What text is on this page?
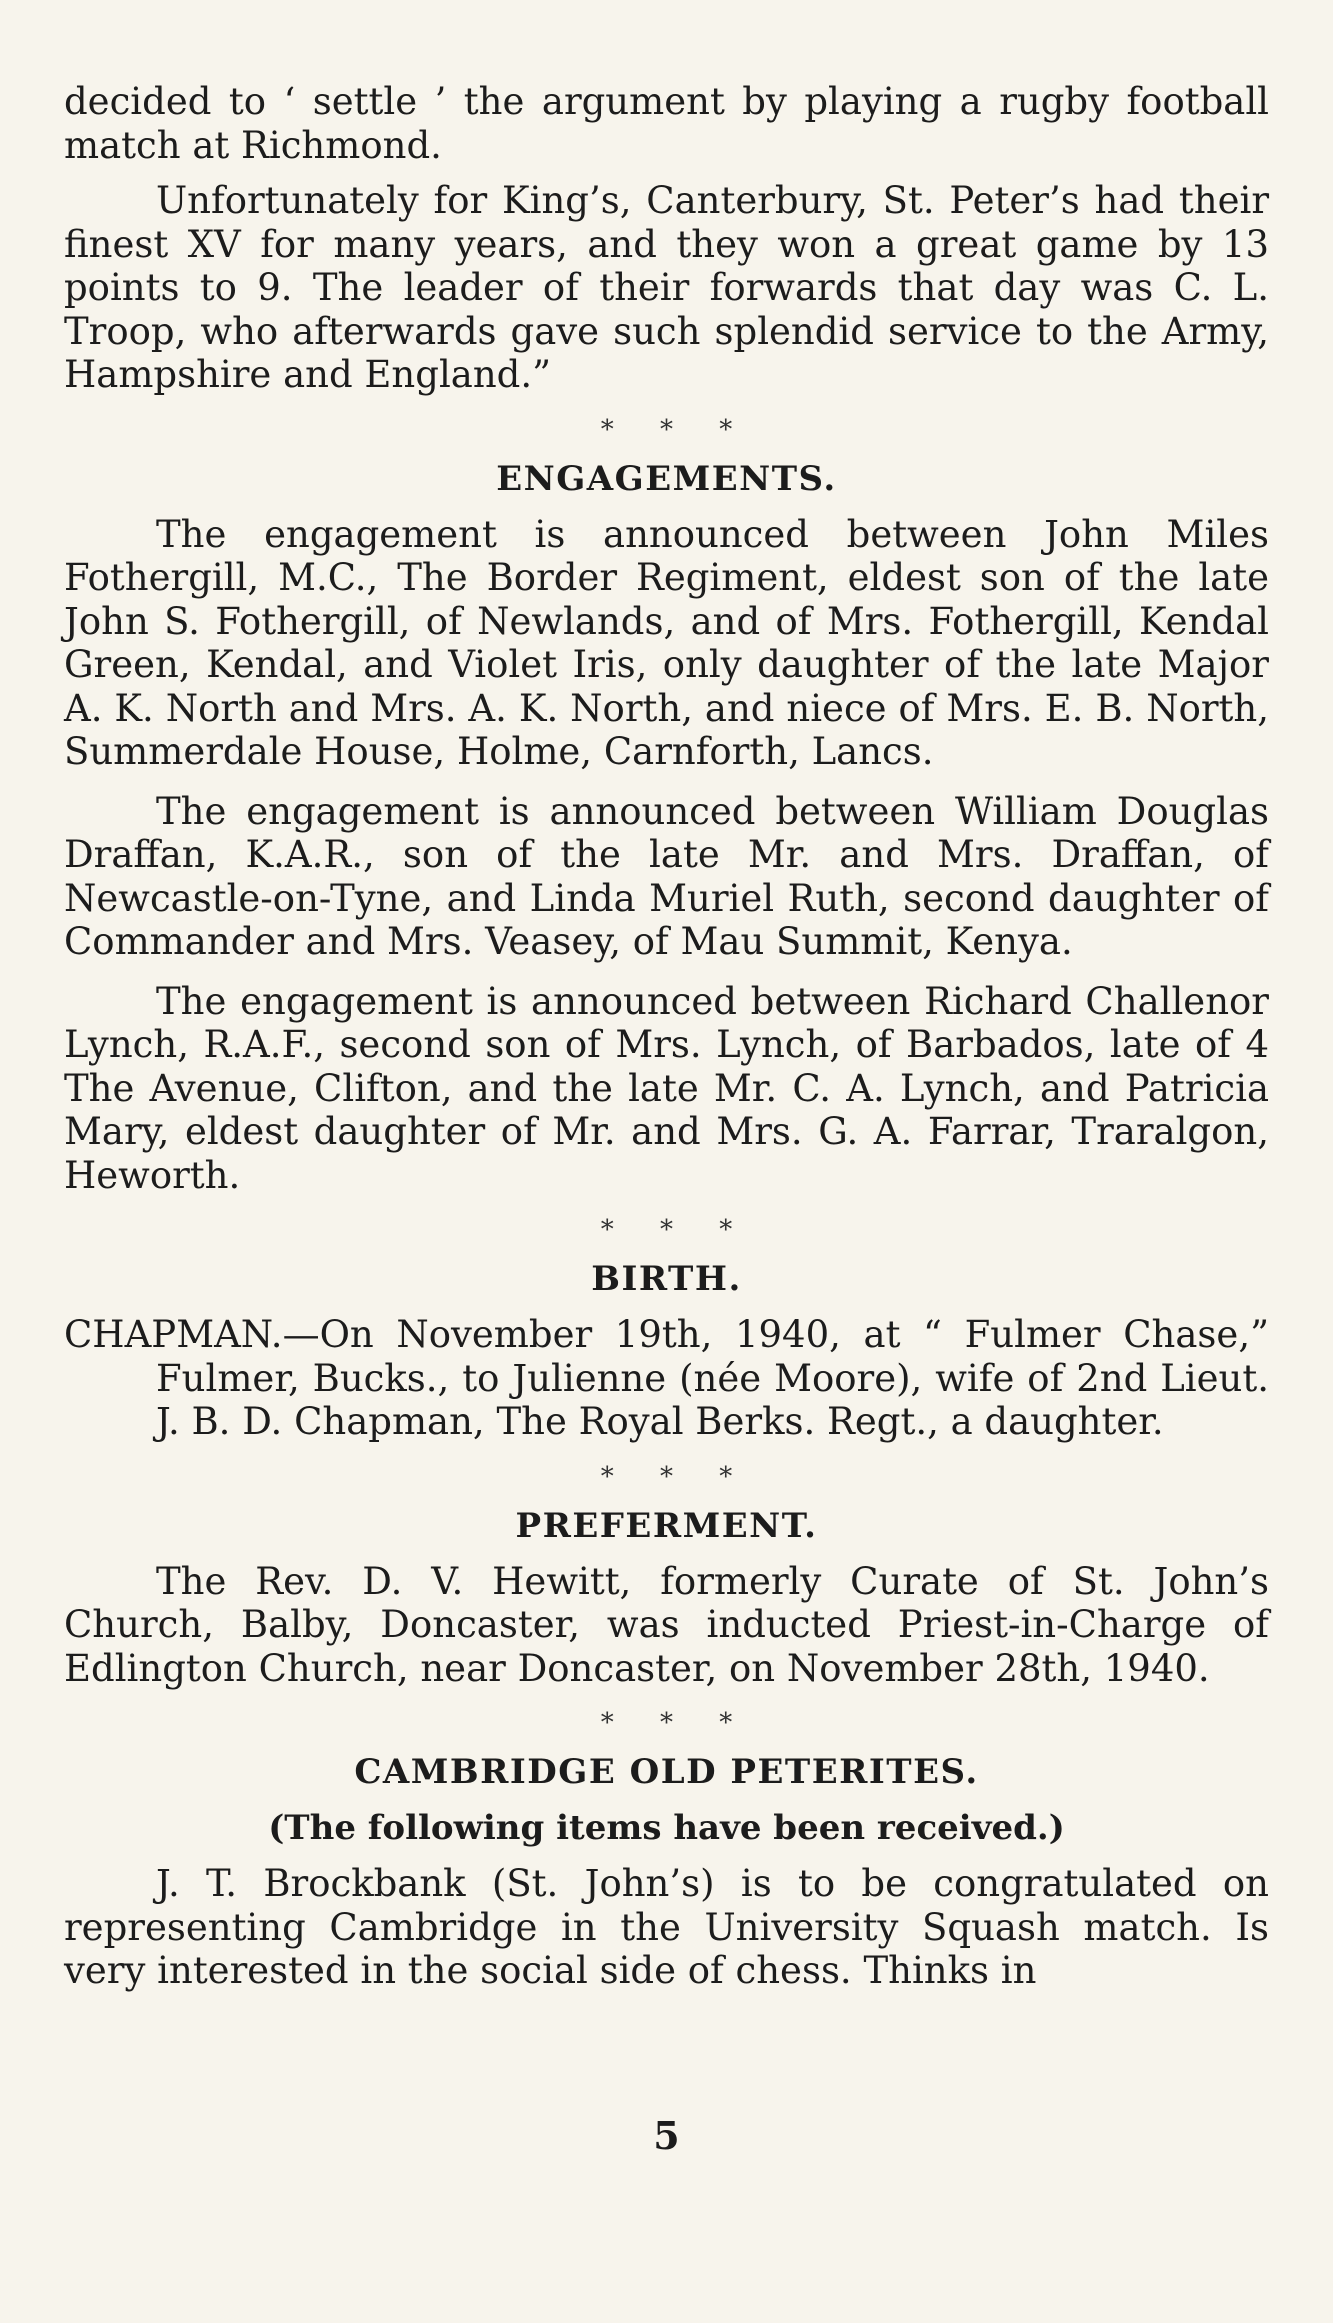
decided to ‘ settle ’ the argument by playing a rugby football match at Richmond.

Unfortunately for King’s, Canterbury, St. Peter’s had their finest XV for many years, and they won a great game by 13 points to 9. The leader of their forwards that day was C. L. Troop, who afterwards gave such splendid service to the Army, Hampshire and England.”

* * *
ENGAGEMENTS.

The engagement is announced between John Miles Fothergill, M.C., The Border Regiment, eldest son of the late John S. Fothergill, of Newlands, and of Mrs. Fothergill, Kendal Green, Kendal, and Violet Iris, only daughter of the late Major A. K. North and Mrs. A. K. North, and niece of Mrs. E. B. North, Summerdale House, Holme, Carnforth, Lancs.

The engagement is announced between William Douglas Draffan, K.A.R., son of the late Mr. and Mrs. Draffan, of Newcastle-on-Tyne, and Linda Muriel Ruth, second daughter of Commander and Mrs. Veasey, of Mau Summit, Kenya.

The engagement is announced between Richard Challenor Lynch, R.A.F., second son of Mrs. Lynch, of Barbados, late of 4 The Avenue, Clifton, and the late Mr. C. A. Lynch, and Patricia Mary, eldest daughter of Mr. and Mrs. G. A. Farrar, Traralgon, Heworth.

* * *
BIRTH.

CHAPMAN.—On November 19th, 1940, at “ Fulmer Chase,” Fulmer, Bucks., to Julienne (née Moore), wife of 2nd Lieut. J. B. D. Chapman, The Royal Berks. Regt., a daughter.

* * *
PREFERMENT.

The Rev. D. V. Hewitt, formerly Curate of St. John’s Church, Balby, Doncaster, was inducted Priest-in-Charge of Edlington Church, near Doncaster, on November 28th, 1940.

* * *
CAMBRIDGE OLD PETERITES.
(The following items have been received.)

J. T. Brockbank (St. John’s) is to be congratulated on representing Cambridge in the University Squash match. Is very interested in the social side of chess. Thinks in

5
